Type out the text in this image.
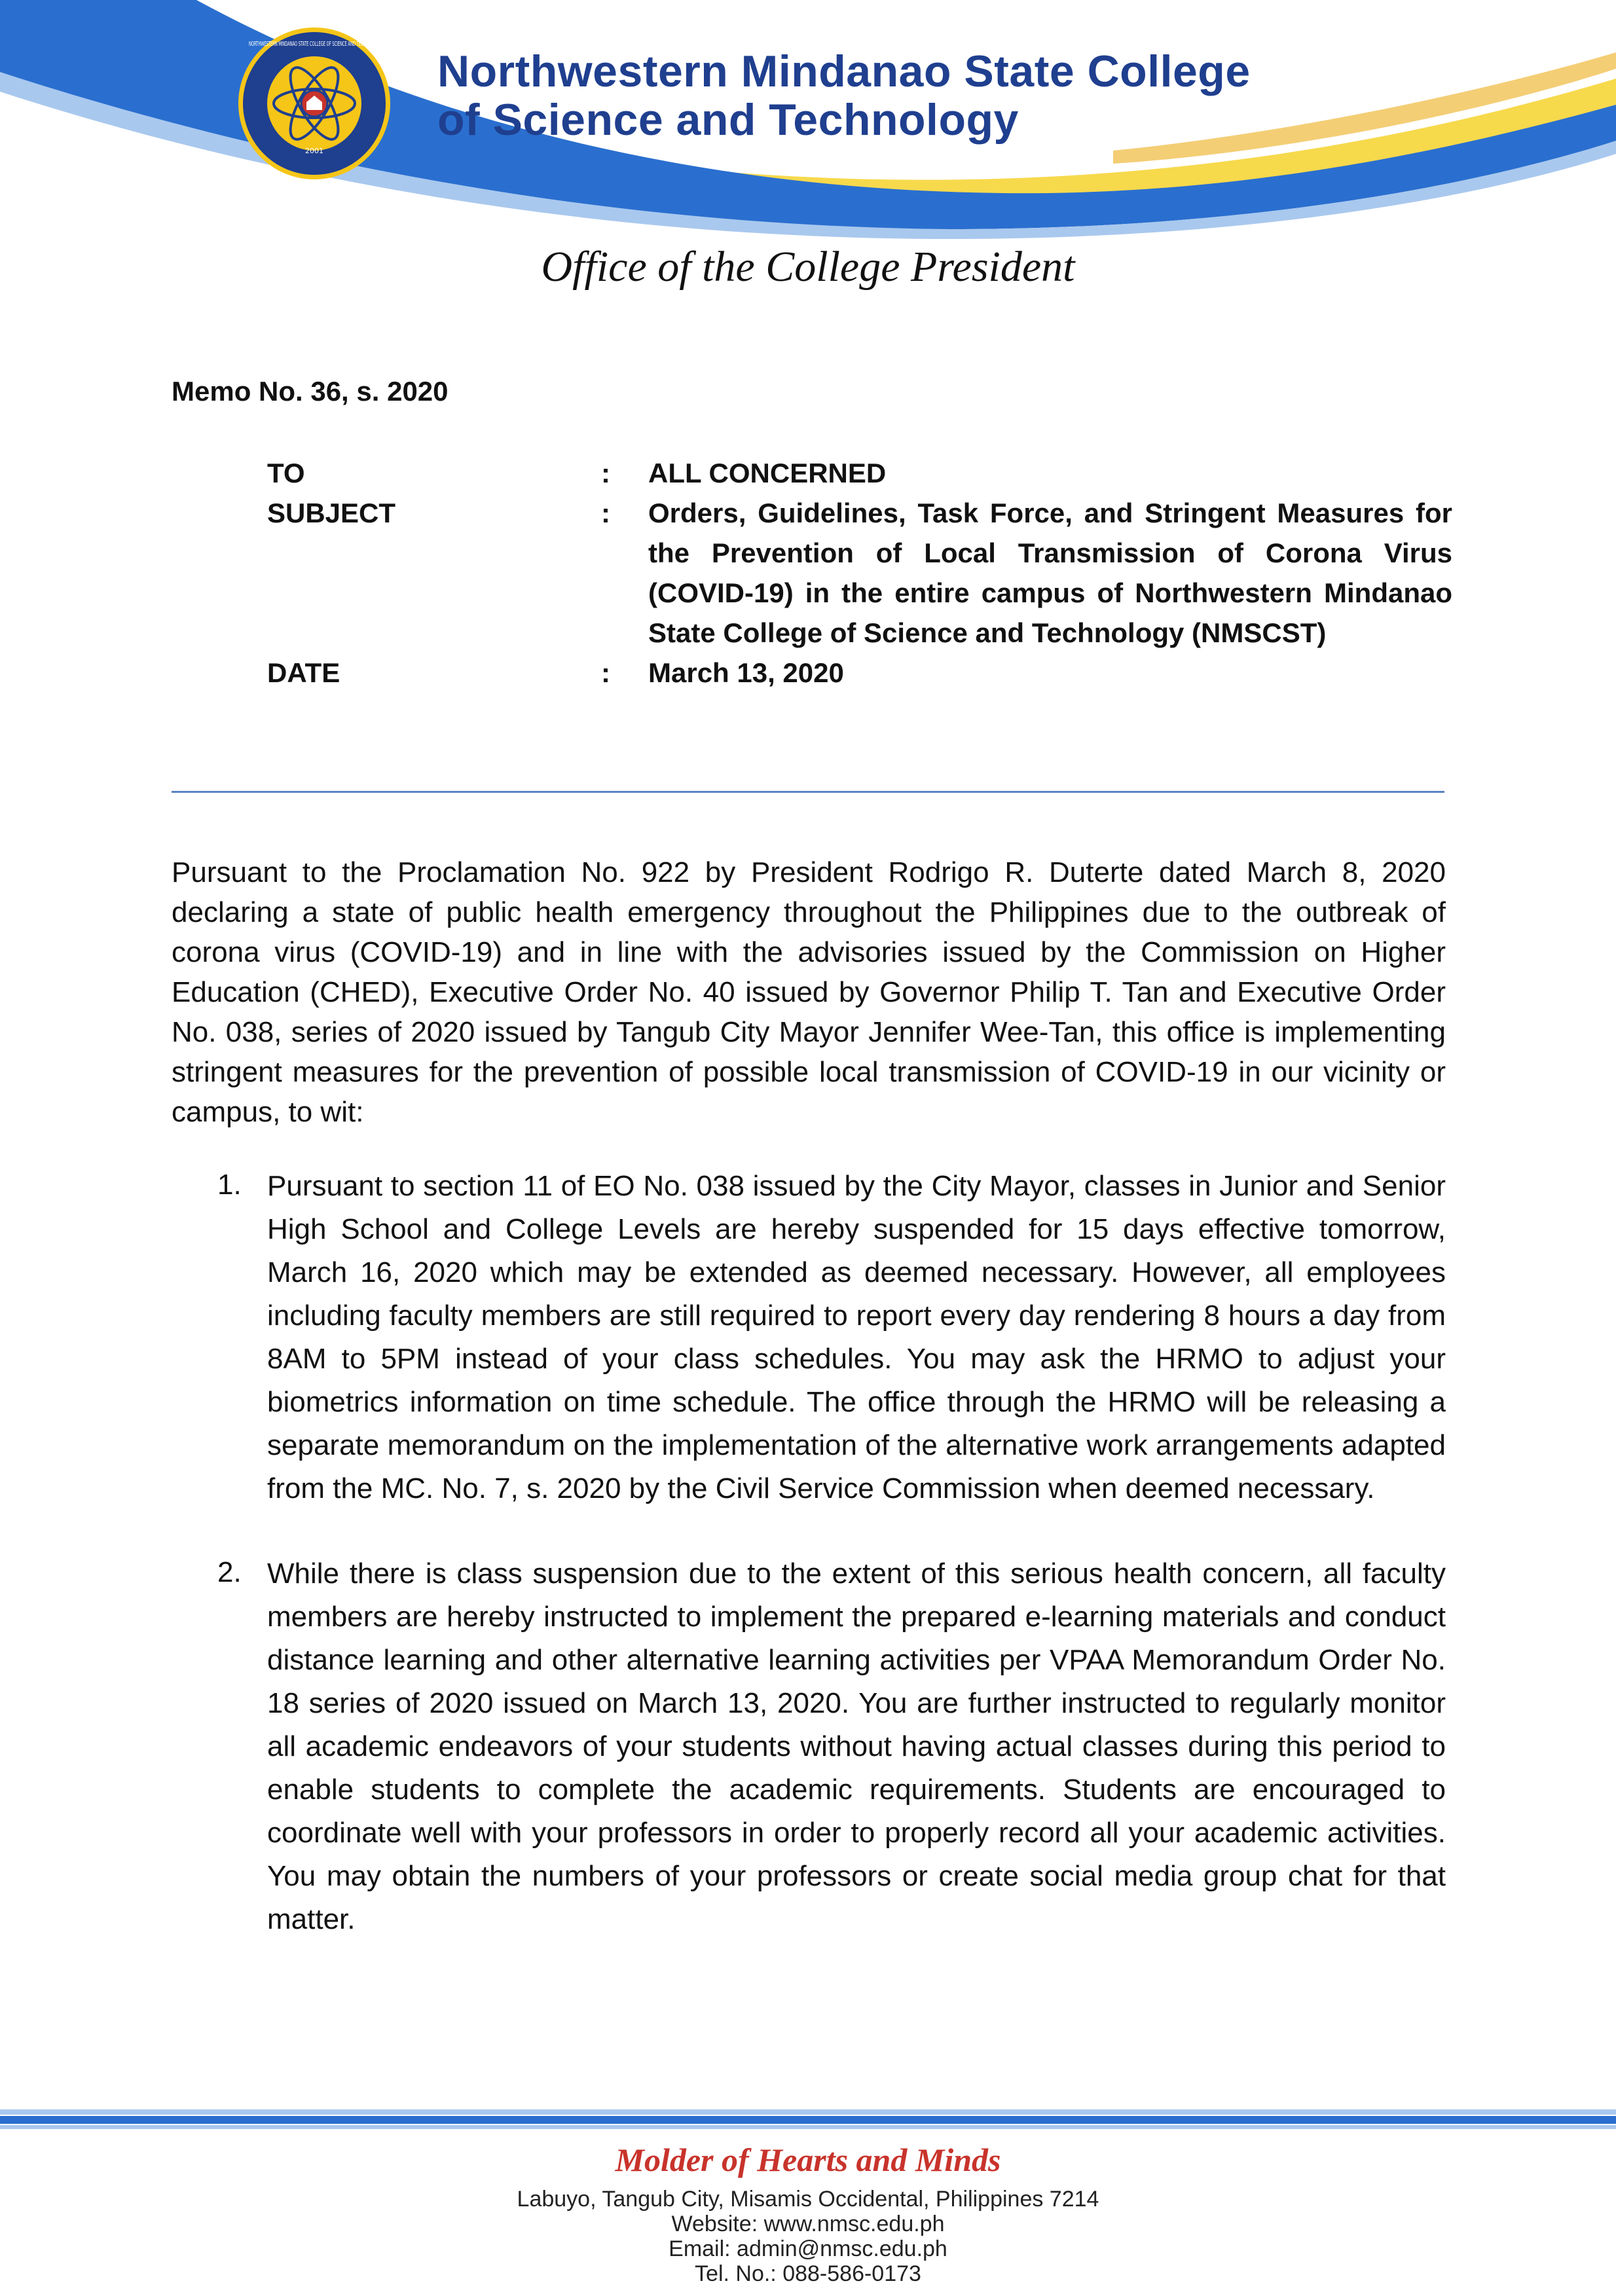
2001
NORTHWESTERN MINDANAO STATE COLLEGE OF SCIENCE AND TECHNOLOGY
Northwestern Mindanao State College
of Science and Technology
Office of the College President
Memo No. 36, s. 2020
TO	:	ALL CONCERNED
SUBJECT	:	Orders, Guidelines, Task Force, and Stringent Measures for the Prevention of Local Transmission of Corona Virus (COVID-19) in the entire campus of Northwestern Mindanao State College of Science and Technology (NMSCST)
DATE	:	March 13, 2020

Pursuant to the Proclamation No. 922 by President Rodrigo R. Duterte dated March 8, 2020 declaring a state of public health emergency throughout the Philippines due to the outbreak of corona virus (COVID-19) and in line with the advisories issued by the Commission on Higher Education (CHED), Executive Order No. 40 issued by Governor Philip T. Tan and Executive Order No. 038, series of 2020 issued by Tangub City Mayor Jennifer Wee-Tan, this office is implementing stringent measures for the prevention of possible local transmission of COVID-19 in our vicinity or campus, to wit:

1. Pursuant to section 11 of EO No. 038 issued by the City Mayor, classes in Junior and Senior High School and College Levels are hereby suspended for 15 days effective tomorrow, March 16, 2020 which may be extended as deemed necessary. However, all employees including faculty members are still required to report every day rendering 8 hours a day from 8AM to 5PM instead of your class schedules. You may ask the HRMO to adjust your biometrics information on time schedule. The office through the HRMO will be releasing a separate memorandum on the implementation of the alternative work arrangements adapted from the MC. No. 7, s. 2020 by the Civil Service Commission when deemed necessary.
2. While there is class suspension due to the extent of this serious health concern, all faculty members are hereby instructed to implement the prepared e-learning materials and conduct distance learning and other alternative learning activities per VPAA Memorandum Order No. 18 series of 2020 issued on March 13, 2020. You are further instructed to regularly monitor all academic endeavors of your students without having actual classes during this period to enable students to complete the academic requirements. Students are encouraged to coordinate well with your professors in order to properly record all your academic activities. You may obtain the numbers of your professors or create social media group chat for that matter.
Molder of Hearts and Minds
Labuyo, Tangub City, Misamis Occidental, Philippines 7214
Website: www.nmsc.edu.ph
Email: admin@nmsc.edu.ph
Tel. No.: 088-586-0173
